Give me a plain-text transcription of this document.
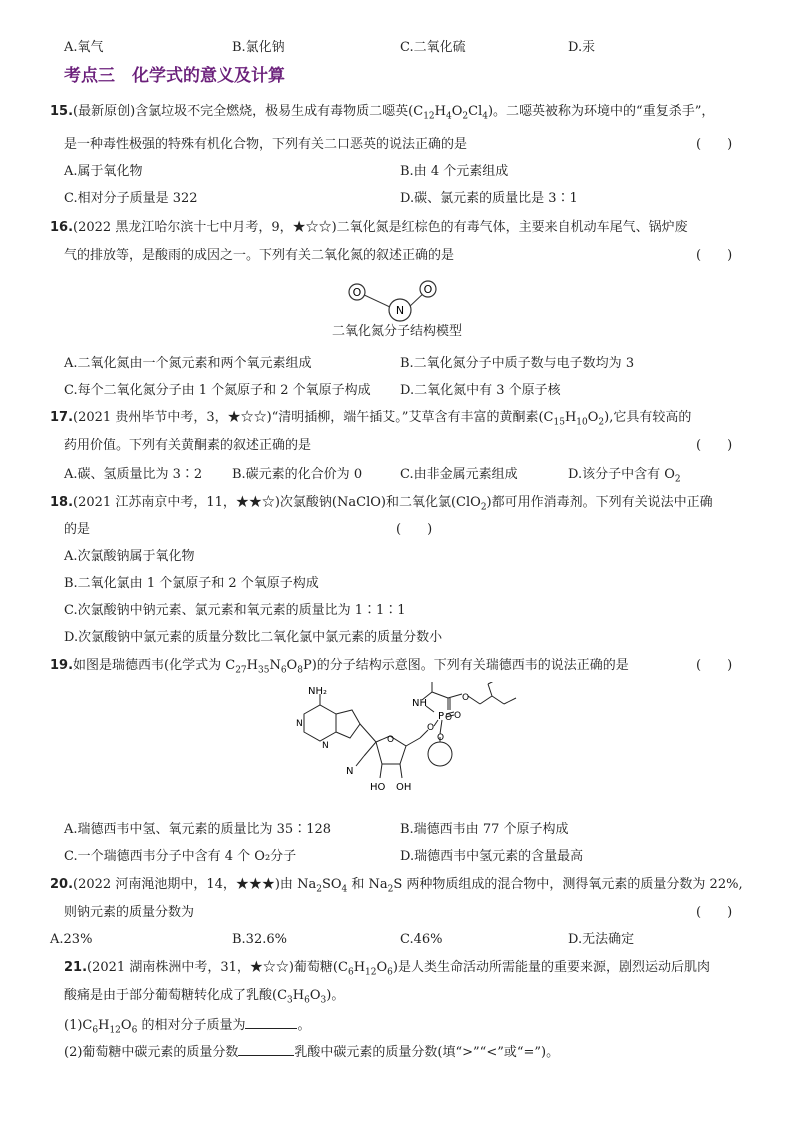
A.氧气	B.氯化钠	C.二氧化硫	D.汞
考点三　化学式的意义及计算
15.(最新原创)含氯垃圾不完全燃烧，极易生成有毒物质二噁英$(C_{12}H_4O_2Cl_4)$。二噁英被称为环境中的“重复杀手”，
是一种毒性极强的特殊有机化合物，下列有关二口恶英的说法正确的是	(　　)
A.属于氧化物	B.由 4 个元素组成
C.相对分子质量是 322	D.碳、氯元素的质量比是 3∶1
16.(2022 黑龙江哈尔滨十七中月考，9，★☆☆)二氧化氮是红棕色的有毒气体，主要来自机动车尾气、锅炉废
气的排放等，是酸雨的成因之一。下列有关二氧化氮的叙述正确的是	(　　)
O
N
O
二氧化氮分子结构模型
A.二氧化氮由一个氮元素和两个氧元素组成	B.二氧化氮分子中质子数与电子数均为 3
C.每个二氧化氮分子由 1 个氮原子和 2 个氧原子构成 D.二氧化氮中有 3 个原子核
17.(2021 贵州毕节中考，3，★☆☆)“清明插柳，端午插艾。”艾草含有丰富的黄酮素$(C_{15}H_{10}O_2)$,它具有较高的
药用价值。下列有关黄酮素的叙述正确的是	(　　)
A.碳、氢质量比为 3∶2 B.碳元素的化合价为 0	C.由非金属元素组成	D.该分子中含有 $O_2$
18.(2021 江苏南京中考，11，★★☆)次氯酸钠(NaClO)和二氧化氯(ClO$_2$)都可用作消毒剂。下列有关说法中正确
的是	(　　)
A.次氯酸钠属于氧化物
B.二氧化氯由 1 个氯原子和 2 个氧原子构成
C.次氯酸钠中钠元素、氯元素和氧元素的质量比为 1∶1∶1
D.次氯酸钠中氯元素的质量分数比二氧化氯中氯元素的质量分数小
19.如图是瑞德西韦(化学式为 $C_{27}H_{35}N_6O_8P$)的分子结构示意图。下列有关瑞德西韦的说法正确的是	(　　)
NH₂
N
N
N
HO OH
O
O
P O
O
NH
O
O
A.瑞德西韦中氢、氧元素的质量比为 35∶128	B.瑞德西韦由 77 个原子构成
C.一个瑞德西韦分子中含有 4 个 O₂分子	D.瑞德西韦中氢元素的含量最高
20.(2022 河南渑池期中，14，★★★)由 $Na_2SO_4$ 和 $Na_2S$ 两种物质组成的混合物中，测得氧元素的质量分数为 22%,
则钠元素的质量分数为	(　　)
A.23%	B.32.6%	C.46%	D.无法确定
21.(2021 湖南株洲中考，31，★☆☆)葡萄糖$(C_6H_{12}O_6)$是人类生命活动所需能量的重要来源，剧烈运动后肌肉
酸痛是由于部分葡萄糖转化成了乳酸$(C_3H_6O_3)$。
$(1)C_6H_{12}O_6$ 的相对分子质量为	。
(2)葡萄糖中碳元素的质量分数	乳酸中碳元素的质量分数(填“>”“<”或“=”)。
